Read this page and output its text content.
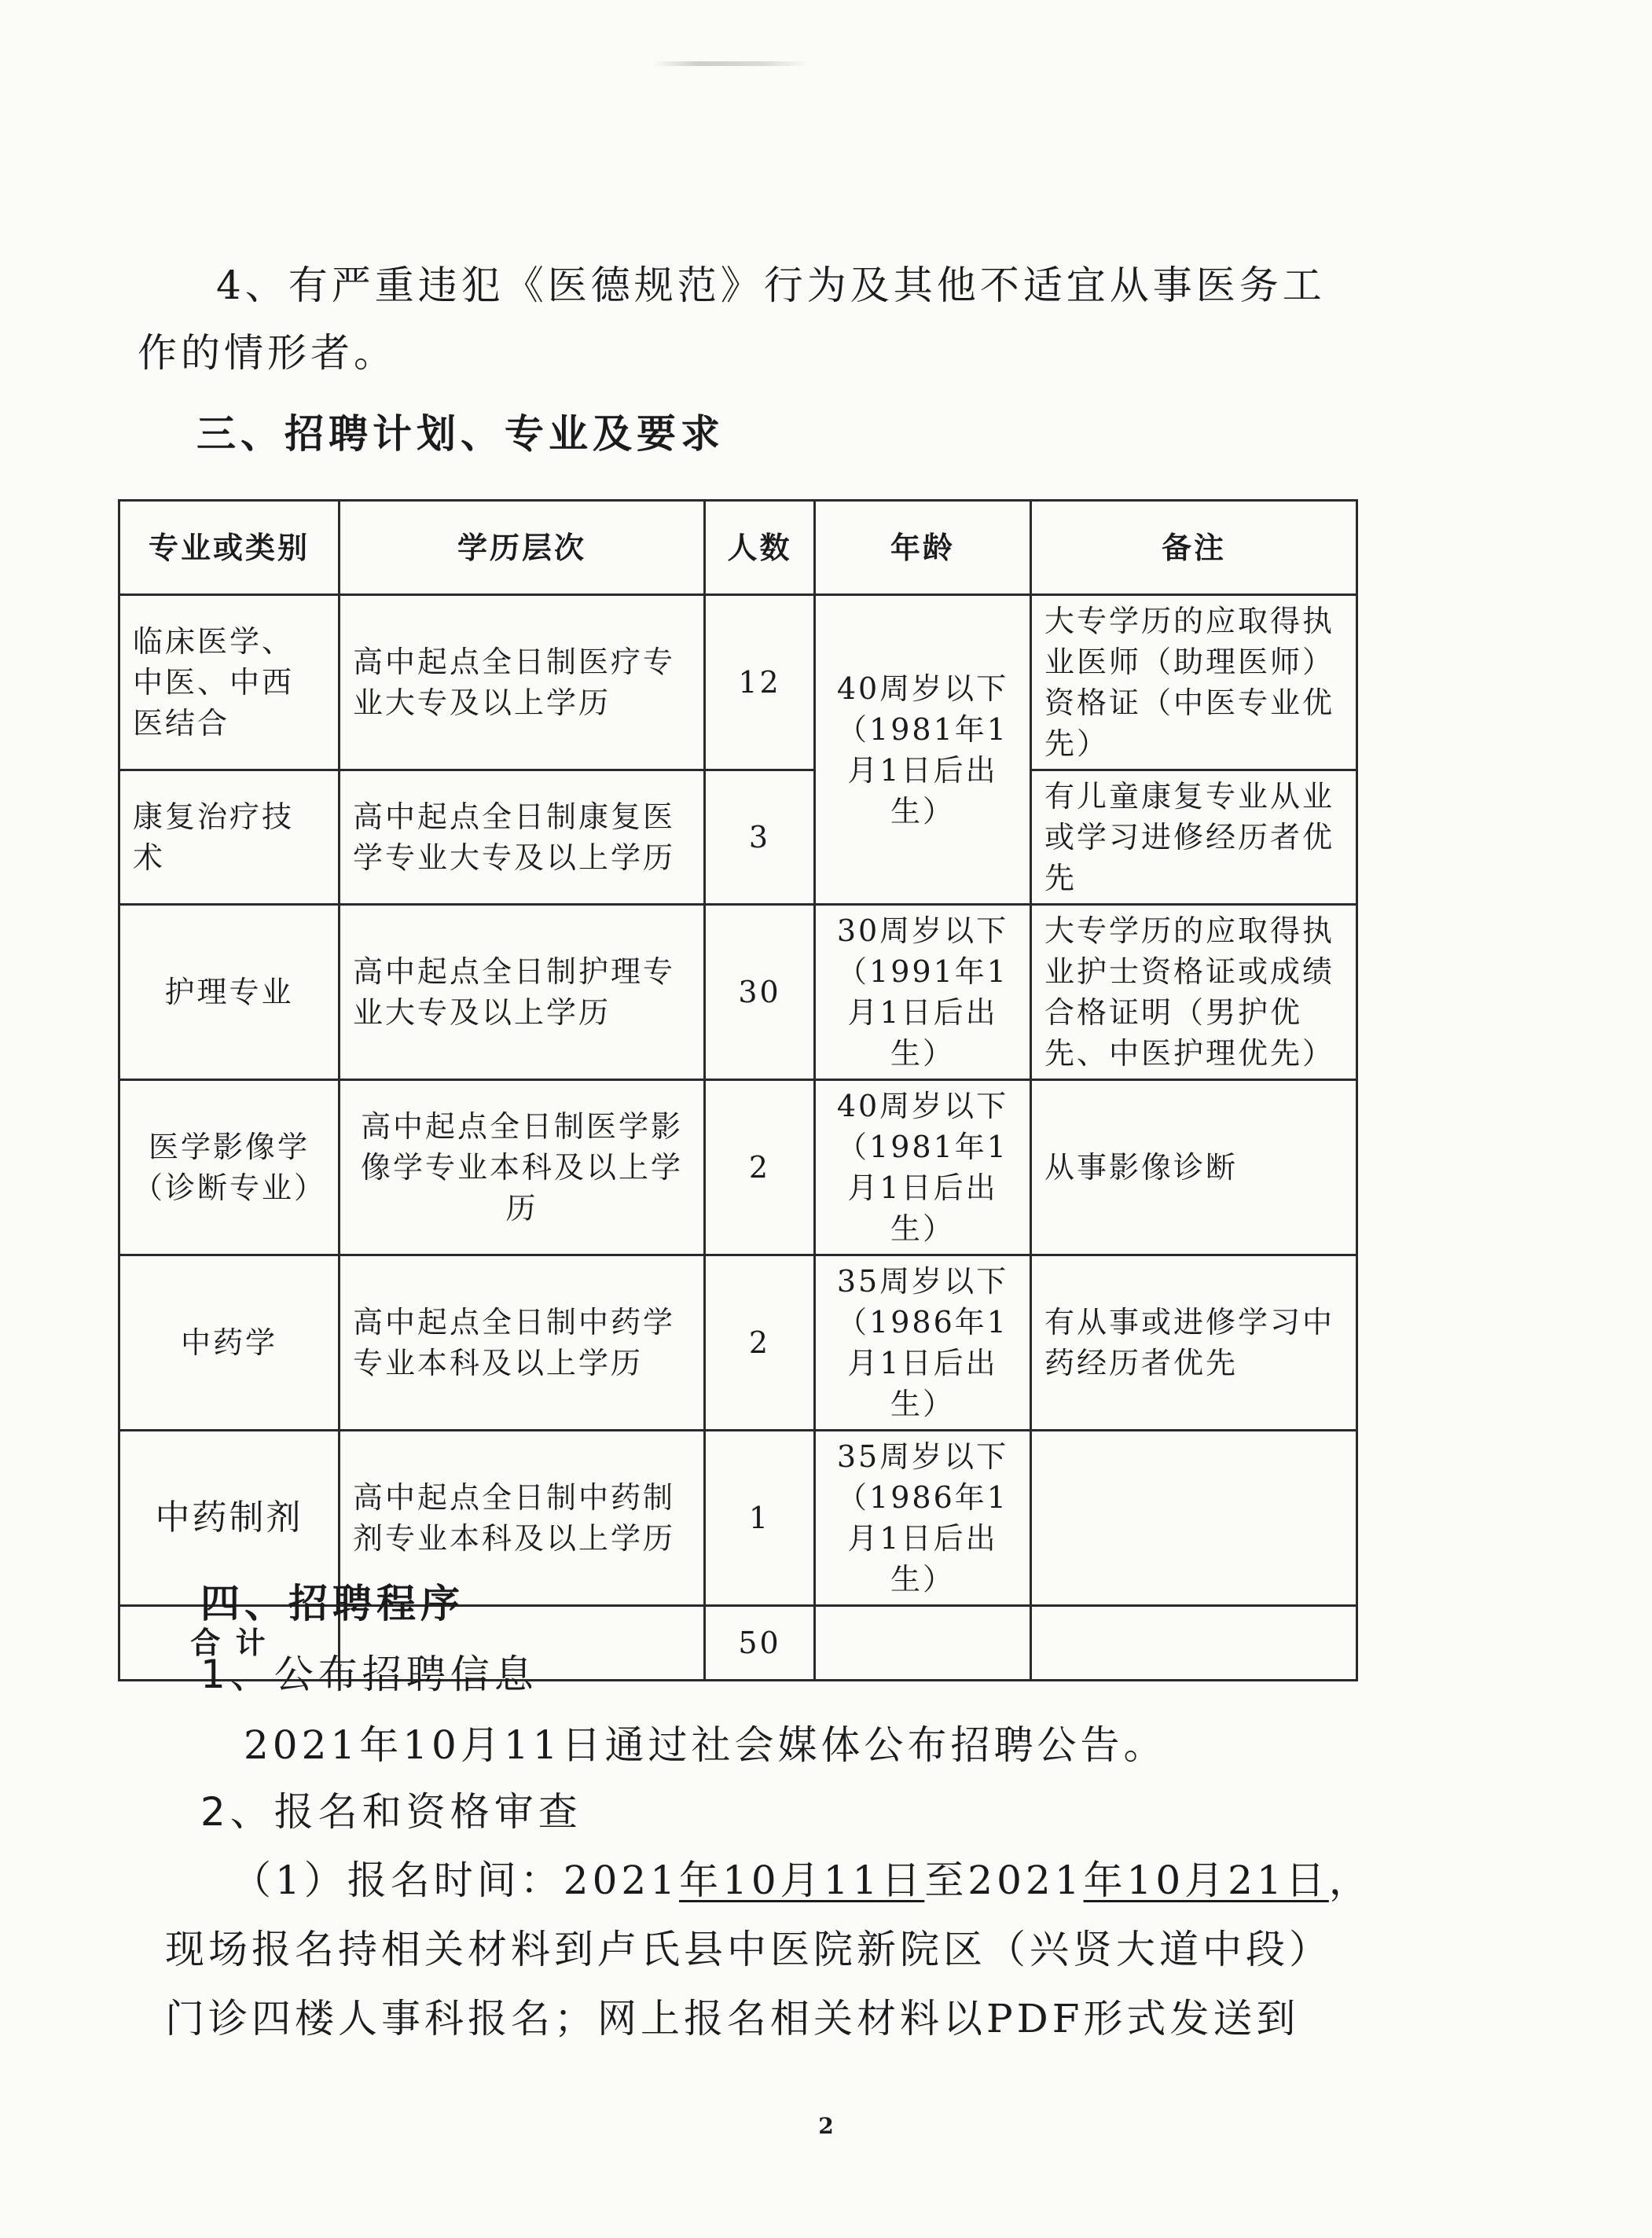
4、有严重违犯《医德规范》行为及其他不适宜从事医务工作的情形者。

三、招聘计划、专业及要求

专业或类别	学历层次	人数	年龄	备注
临床医学、中医、中西医结合	高中起点全日制医疗专业大专及以上学历	12	40周岁以下（1981年1月1日后出生）	大专学历的应取得执业医师（助理医师）资格证（中医专业优先）
康复治疗技术	高中起点全日制康复医学专业大专及以上学历	3		有儿童康复专业从业或学习进修经历者优先
护理专业	高中起点全日制护理专业大专及以上学历	30	30周岁以下（1991年1月1日后出生）	大专学历的应取得执业护士资格证或成绩合格证明（男护优先、中医护理优先）
医学影像学（诊断专业）	高中起点全日制医学影像学专业本科及以上学历	2	40周岁以下（1981年1月1日后出生）	从事影像诊断
中药学	高中起点全日制中药学专业本科及以上学历	2	35周岁以下（1986年1月1日后出生）	有从事或进修学习中药经历者优先
中药制剂	高中起点全日制中药制剂专业本科及以上学历	1	35周岁以下（1986年1月1日后出生）	
合 计		50		

四、招聘程序

1、公布招聘信息

2021年10月11日通过社会媒体公布招聘公告。

2、报名和资格审查

（1）报名时间：2021年10月11日至2021年10月21日，

现场报名持相关材料到卢氏县中医院新院区（兴贤大道中段）

门诊四楼人事科报名；网上报名相关材料以PDF形式发送到

2
